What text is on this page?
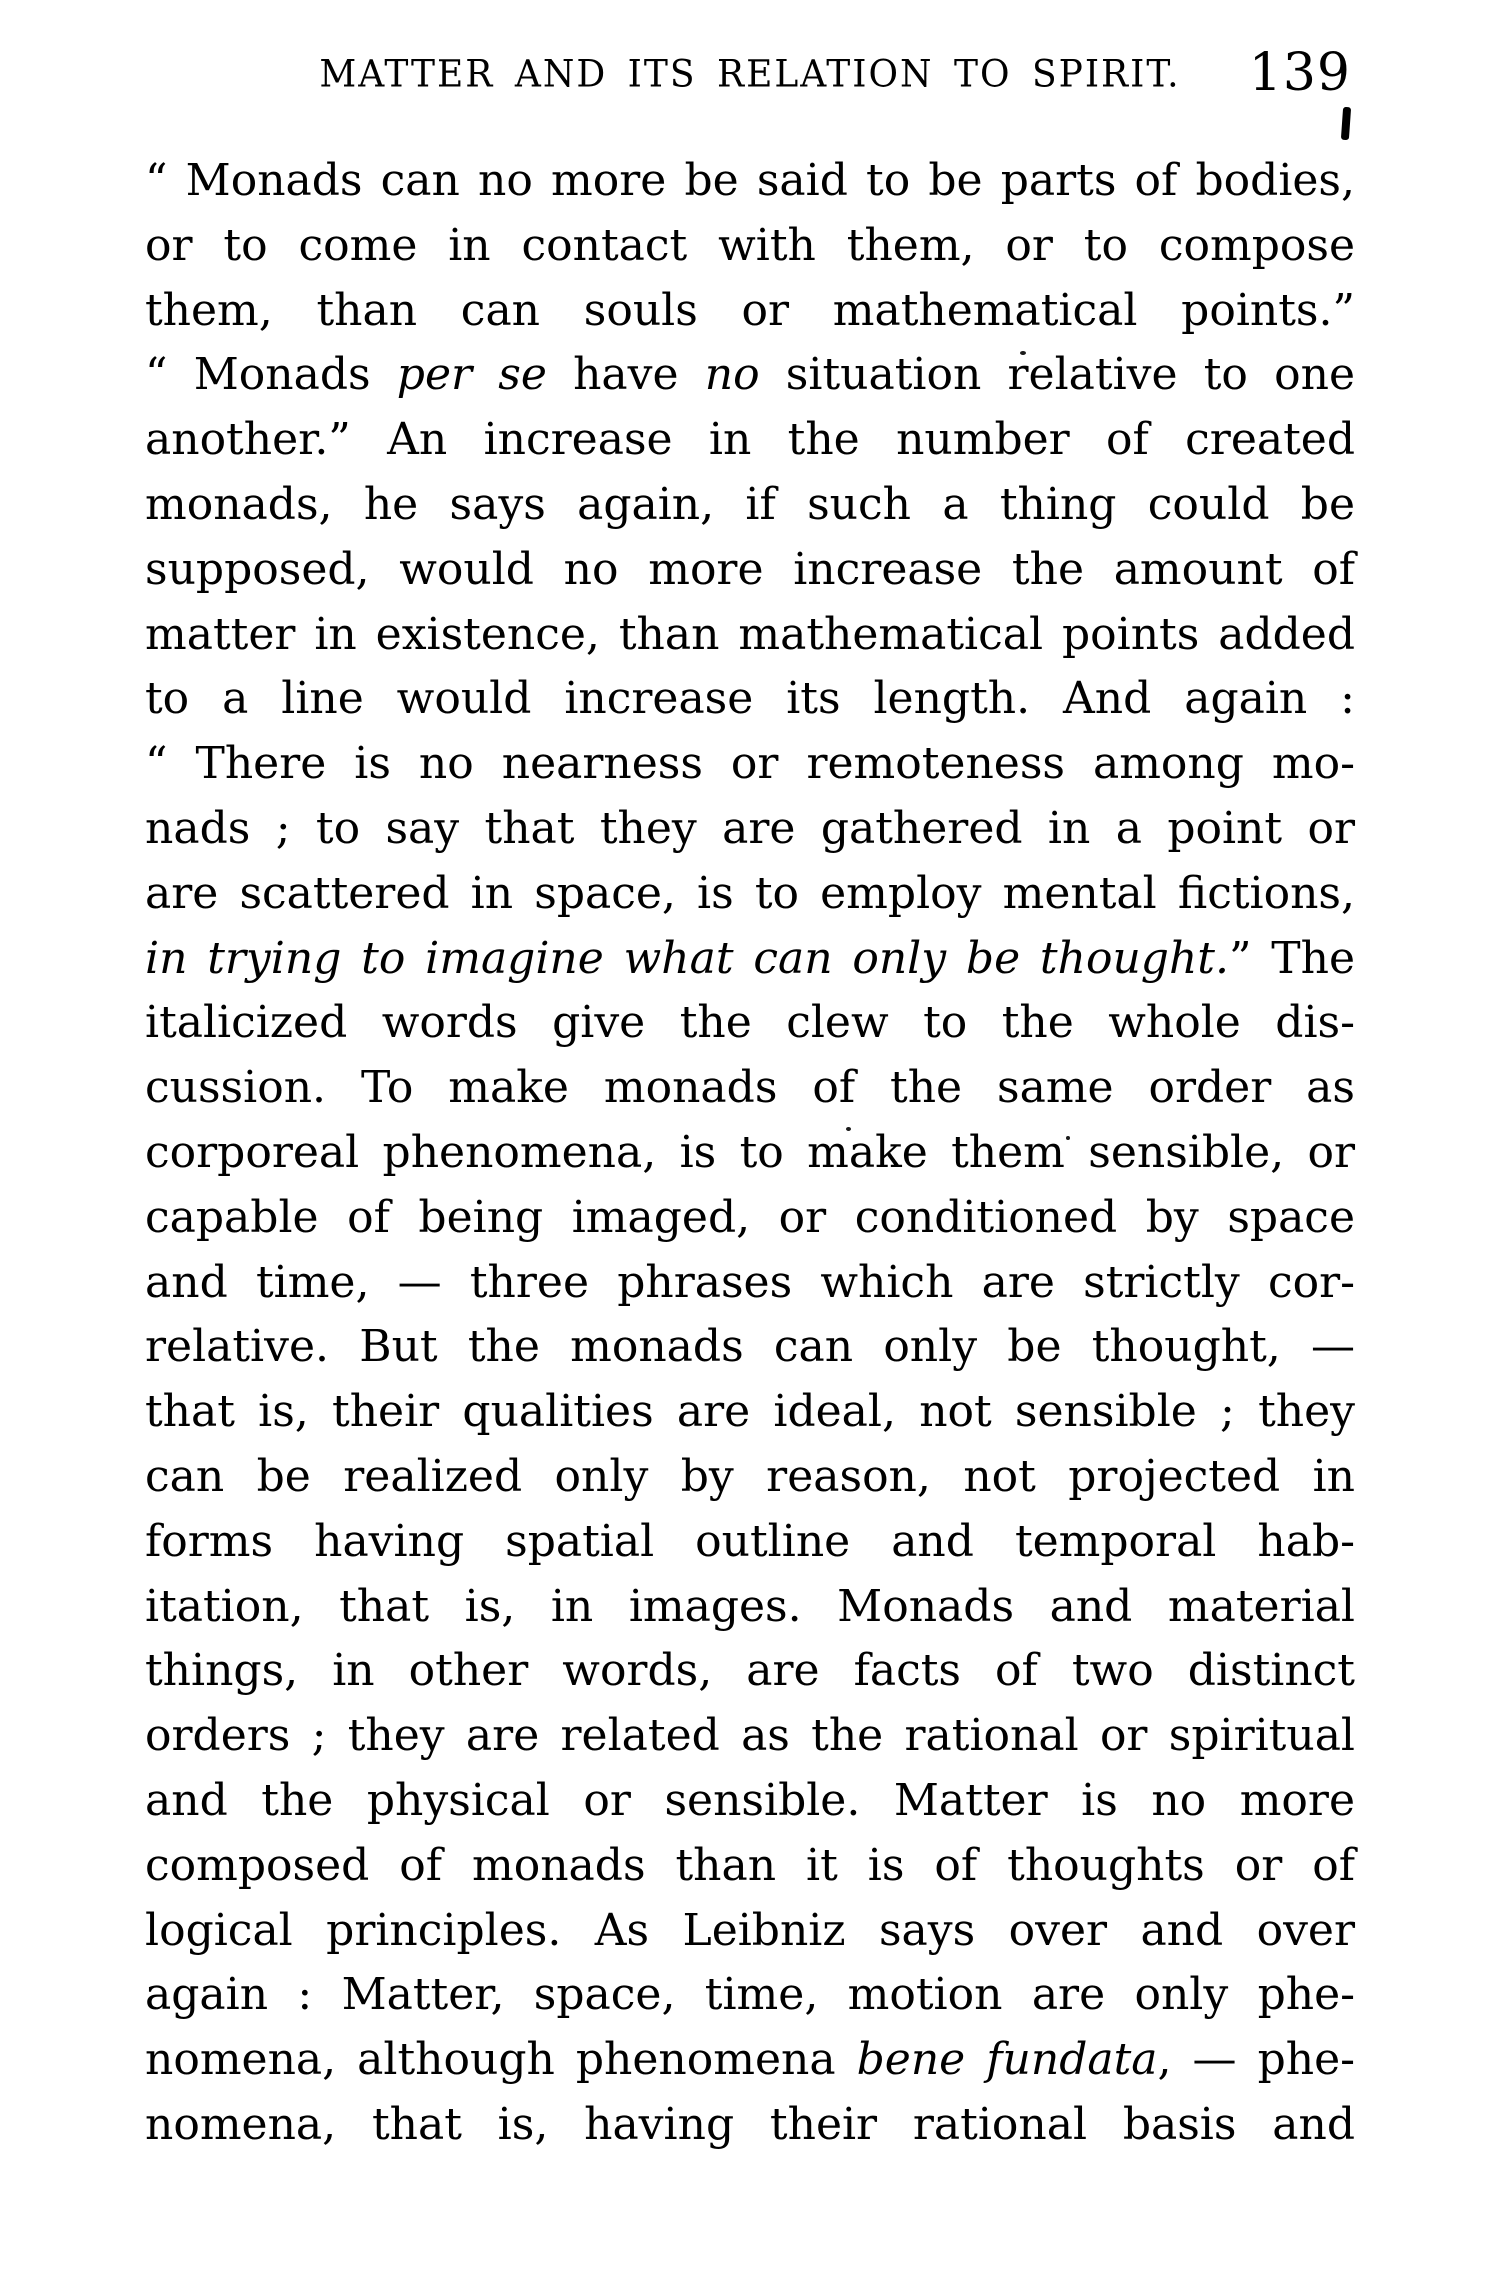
MATTER AND ITS RELATION TO SPIRIT.	139
“ Monads can no more be said to be parts of bodies,
or to come in contact with them, or to compose
them, than can souls or mathematical points.”
“ Monads per se have no situation relative to one
another.” An increase in the number of created
monads, he says again, if such a thing could be
supposed, would no more increase the amount of
matter in existence, than mathematical points added
to a line would increase its length. And again :
“ There is no nearness or remoteness among mo-
nads ; to say that they are gathered in a point or
are scattered in space, is to employ mental fictions,
in trying to imagine what can only be thought.” The
italicized words give the clew to the whole dis-
cussion. To make monads of the same order as
corporeal phenomena, is to make them sensible, or
capable of being imaged, or conditioned by space
and time, — three phrases which are strictly cor-
relative. But the monads can only be thought, —
that is, their qualities are ideal, not sensible ; they
can be realized only by reason, not projected in
forms having spatial outline and temporal hab-
itation, that is, in images. Monads and material
things, in other words, are facts of two distinct
orders ; they are related as the rational or spiritual
and the physical or sensible. Matter is no more
composed of monads than it is of thoughts or of
logical principles. As Leibniz says over and over
again : Matter, space, time, motion are only phe-
nomena, although phenomena bene fundata, — phe-
nomena, that is, having their rational basis and
